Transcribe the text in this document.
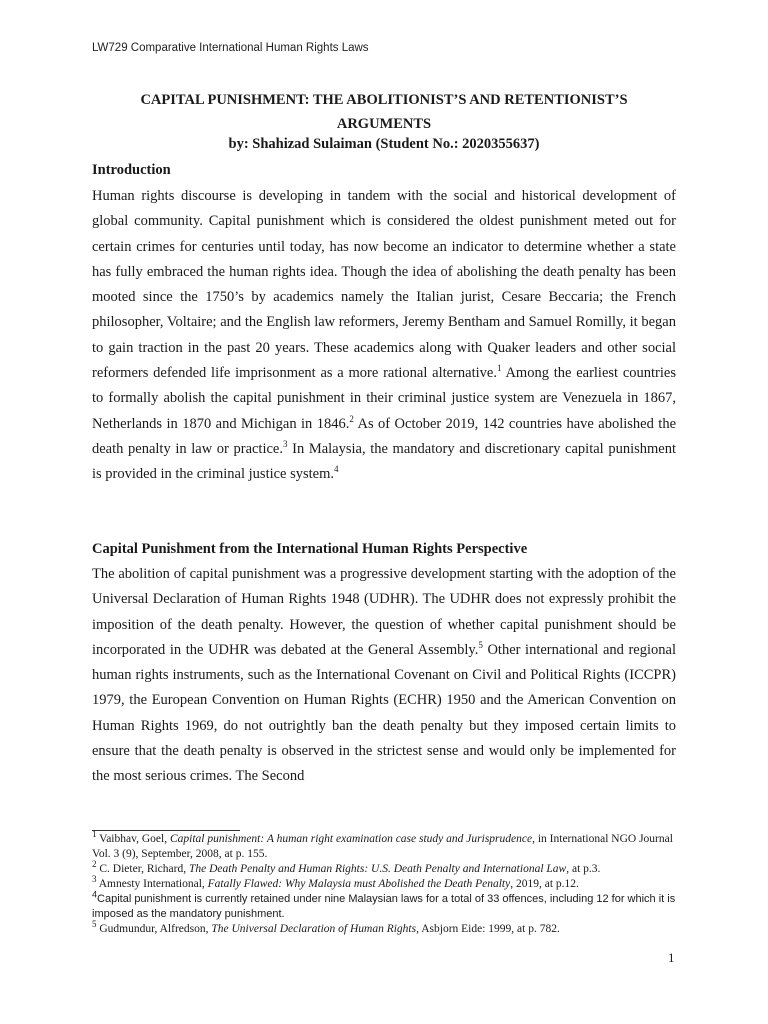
LW729 Comparative International Human Rights Laws
CAPITAL PUNISHMENT: THE ABOLITIONIST’S AND RETENTIONIST’S ARGUMENTS
by: Shahizad Sulaiman (Student No.: 2020355637)
Introduction
Human rights discourse is developing in tandem with the social and historical development of global community. Capital punishment which is considered the oldest punishment meted out for certain crimes for centuries until today, has now become an indicator to determine whether a state has fully embraced the human rights idea. Though the idea of abolishing the death penalty has been mooted since the 1750’s by academics namely the Italian jurist, Cesare Beccaria; the French philosopher, Voltaire; and the English law reformers, Jeremy Bentham and Samuel Romilly, it began to gain traction in the past 20 years. These academics along with Quaker leaders and other social reformers defended life imprisonment as a more rational alternative.$^1$ Among the earliest countries to formally abolish the capital punishment in their criminal justice system are Venezuela in 1867, Netherlands in 1870 and Michigan in 1846.$^2$ As of October 2019, 142 countries have abolished the death penalty in law or practice.$^3$ In Malaysia, the mandatory and discretionary capital punishment is provided in the criminal justice system.$^4$
Capital Punishment from the International Human Rights Perspective
The abolition of capital punishment was a progressive development starting with the adoption of the Universal Declaration of Human Rights 1948 (UDHR). The UDHR does not expressly prohibit the imposition of the death penalty. However, the question of whether capital punishment should be incorporated in the UDHR was debated at the General Assembly.$^5$ Other international and regional human rights instruments, such as the International Covenant on Civil and Political Rights (ICCPR) 1979, the European Convention on Human Rights (ECHR) 1950 and the American Convention on Human Rights 1969, do not outrightly ban the death penalty but they imposed certain limits to ensure that the death penalty is observed in the strictest sense and would only be implemented for the most serious crimes. The Second
$^1$ Vaibhav, Goel, Capital punishment: A human right examination case study and Jurisprudence, in International NGO Journal Vol. 3 (9), September, 2008, at p. 155.
$^2$ C. Dieter, Richard, The Death Penalty and Human Rights: U.S. Death Penalty and International Law, at p.3.
$^3$ Amnesty International, Fatally Flawed: Why Malaysia must Abolished the Death Penalty, 2019, at p.12.
$^4$Capital punishment is currently retained under nine Malaysian laws for a total of 33 offences, including 12 for which it is imposed as the mandatory punishment.
$^5$ Gudmundur, Alfredson, The Universal Declaration of Human Rights, Asbjorn Eide: 1999, at p. 782.
1
